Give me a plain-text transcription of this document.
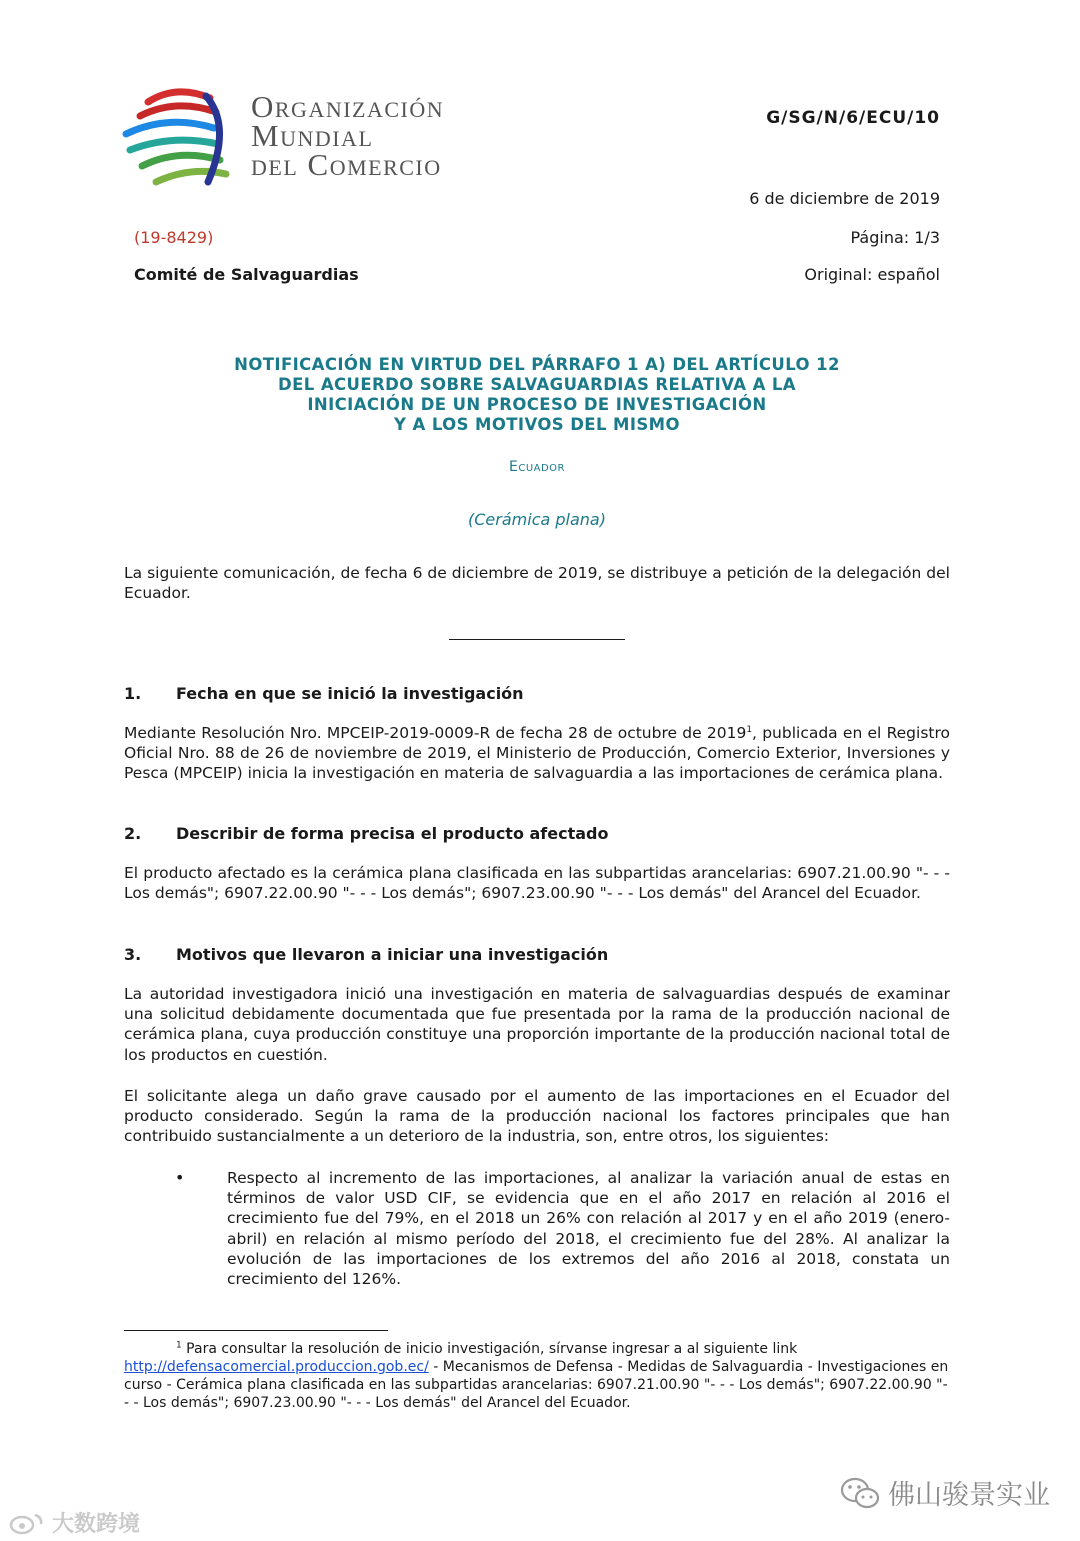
Organización
Mundial
del Comercio
G/SG/N/6/ECU/10
6 de diciembre de 2019
(19-8429)	Página: 1/3
Comité de Salvaguardias	Original: español
NOTIFICACIÓN EN VIRTUD DEL PÁRRAFO 1 A) DEL ARTÍCULO 12
DEL ACUERDO SOBRE SALVAGUARDIAS RELATIVA A LA
INICIACIÓN DE UN PROCESO DE INVESTIGACIÓN
Y A LOS MOTIVOS DEL MISMO
Ecuador
(Cerámica plana)
La siguiente comunicación, de fecha 6 de diciembre de 2019, se distribuye a petición de la delegación del Ecuador.
1. Fecha en que se inició la investigación
Mediante Resolución Nro. MPCEIP-2019-0009-R de fecha 28 de octubre de 2019$^1$, publicada en el Registro Oficial Nro. 88 de 26 de noviembre de 2019, el Ministerio de Producción, Comercio Exterior, Inversiones y Pesca (MPCEIP) inicia la investigación en materia de salvaguardia a las importaciones de cerámica plana.
2. Describir de forma precisa el producto afectado
El producto afectado es la cerámica plana clasificada en las subpartidas arancelarias: 6907.21.00.90 "- - - Los demás"; 6907.22.00.90 "- - - Los demás"; 6907.23.00.90 "- - - Los demás" del Arancel del Ecuador.
3. Motivos que llevaron a iniciar una investigación
La autoridad investigadora inició una investigación en materia de salvaguardias después de examinar una solicitud debidamente documentada que fue presentada por la rama de la producción nacional de cerámica plana, cuya producción constituye una proporción importante de la producción nacional total de los productos en cuestión.
El solicitante alega un daño grave causado por el aumento de las importaciones en el Ecuador del producto considerado. Según la rama de la producción nacional los factores principales que han contribuido sustancialmente a un deterioro de la industria, son, entre otros, los siguientes:
•	Respecto al incremento de las importaciones, al analizar la variación anual de estas en términos de valor USD CIF, se evidencia que en el año 2017 en relación al 2016 el crecimiento fue del 79%, en el 2018 un 26% con relación al 2017 y en el año 2019 (enero-abril) en relación al mismo período del 2018, el crecimiento fue del 28%. Al analizar la evolución de las importaciones de los extremos del año 2016 al 2018, constata un crecimiento del 126%.
$^1$ Para consultar la resolución de inicio investigación, sírvanse ingresar a al siguiente link
http://defensacomercial.produccion.gob.ec/ - Mecanismos de Defensa - Medidas de Salvaguardia - Investigaciones en curso - Cerámica plana clasificada en las subpartidas arancelarias: 6907.21.00.90 "- - - Los demás"; 6907.22.00.90 "- - - Los demás"; 6907.23.00.90 "- - - Los demás" del Arancel del Ecuador.
大数跨境
佛山骏景实业
